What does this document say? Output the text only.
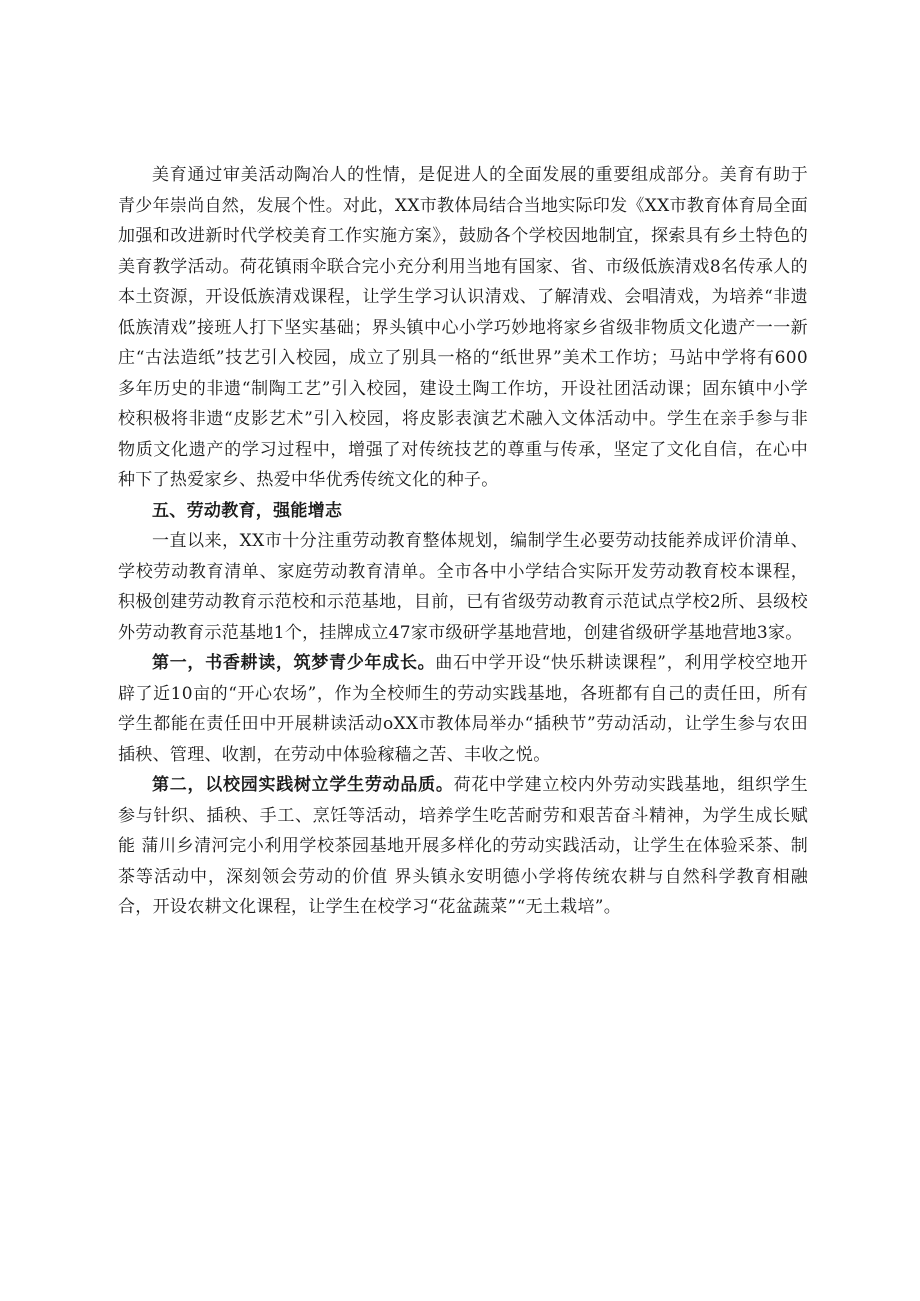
美育通过审美活动陶冶人的性情，是促进人的全面发展的重要组成部分。美育有助于青少年崇尚自然，发展个性。对此，XX市教体局结合当地实际印发《XX市教育体育局全面加强和改进新时代学校美育工作实施方案》，鼓励各个学校因地制宜，探索具有乡土特色的美育教学活动。荷花镇雨伞联合完小充分利用当地有国家、省、市级低族清戏8名传承人的本土资源，开设低族清戏课程，让学生学习认识清戏、了解清戏、会唱清戏，为培养“非遗低族清戏”接班人打下坚实基础；界头镇中心小学巧妙地将家乡省级非物质文化遗产一一新庄“古法造纸”技艺引入校园，成立了别具一格的“纸世界”美术工作坊；马站中学将有600多年历史的非遗“制陶工艺”引入校园，建设土陶工作坊，开设社团活动课；固东镇中小学校积极将非遗“皮影艺术”引入校园，将皮影表演艺术融入文体活动中。学生在亲手参与非物质文化遗产的学习过程中，增强了对传统技艺的尊重与传承，坚定了文化自信，在心中种下了热爱家乡、热爱中华优秀传统文化的种子。

五、劳动教育，强能增志

一直以来，XX市十分注重劳动教育整体规划，编制学生必要劳动技能养成评价清单、学校劳动教育清单、家庭劳动教育清单。全市各中小学结合实际开发劳动教育校本课程，积极创建劳动教育示范校和示范基地，目前，已有省级劳动教育示范试点学校2所、县级校外劳动教育示范基地1个，挂牌成立47家市级研学基地营地，创建省级研学基地营地3家。

第一，书香耕读，筑梦青少年成长。曲石中学开设“快乐耕读课程”，利用学校空地开辟了近10亩的“开心农场”，作为全校师生的劳动实践基地，各班都有自己的责任田，所有学生都能在责任田中开展耕读活动oXX市教体局举办“插秧节”劳动活动，让学生参与农田插秧、管理、收割，在劳动中体验稼穑之苦、丰收之悦。

第二，以校园实践树立学生劳动品质。荷花中学建立校内外劳动实践基地，组织学生参与针织、插秧、手工、烹饪等活动，培养学生吃苦耐劳和艰苦奋斗精神，为学生成长赋能 蒲川乡清河完小利用学校茶园基地开展多样化的劳动实践活动，让学生在体验采茶、制茶等活动中，深刻领会劳动的价值 界头镇永安明德小学将传统农耕与自然科学教育相融合，开设农耕文化课程，让学生在校学习“花盆蔬菜”“无土栽培”。
